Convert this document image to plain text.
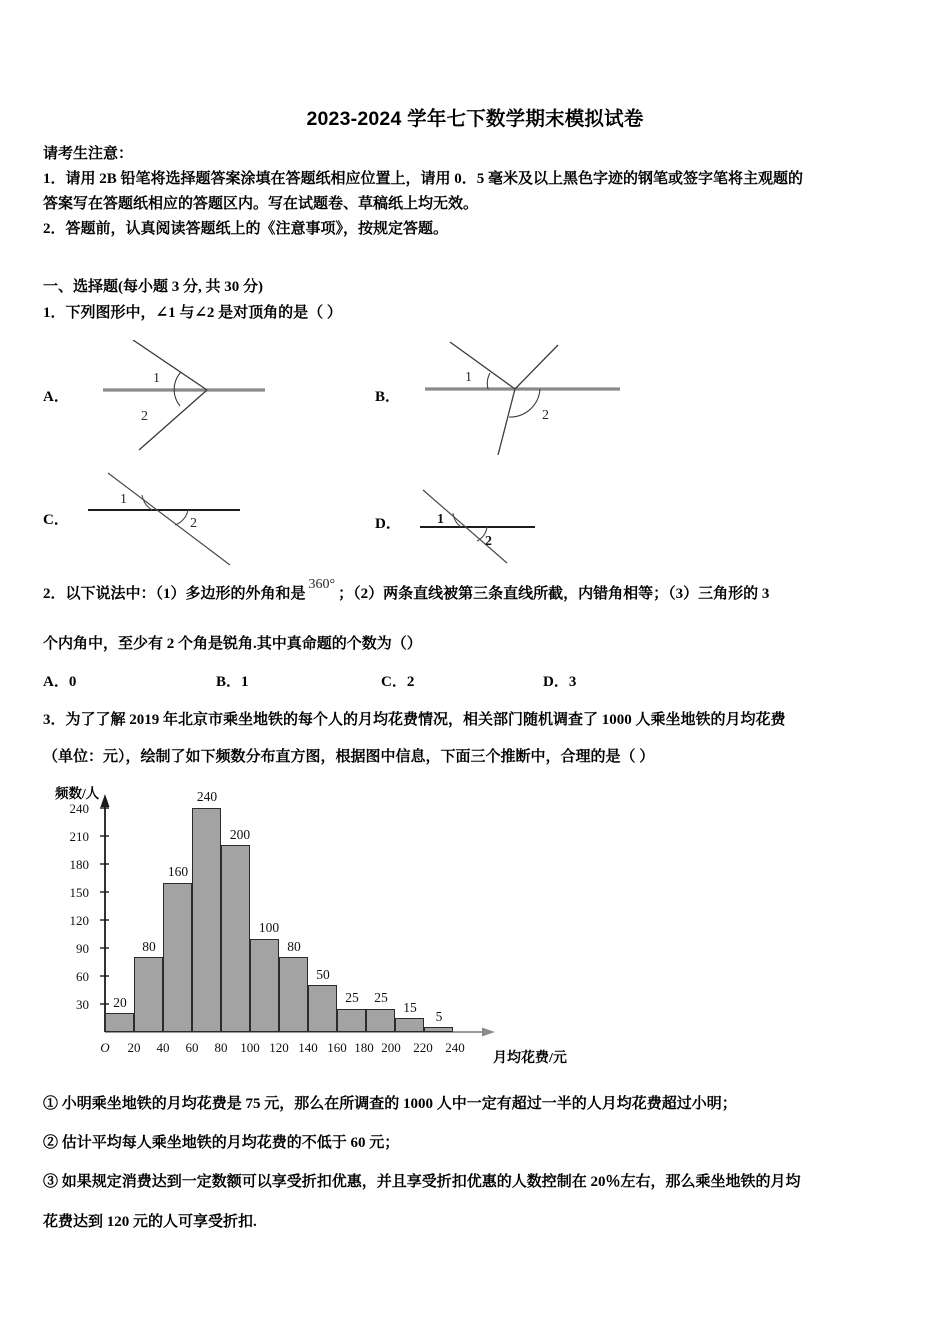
2023-2024 学年七下数学期末模拟试卷

请考生注意：

1．请用 2B 铅笔将选择题答案涂填在答题纸相应位置上，请用 0．5 毫米及以上黑色字迹的钢笔或签字笔将主观题的

答案写在答题纸相应的答题区内。写在试题卷、草稿纸上均无效。

2．答题前，认真阅读答题纸上的《注意事项》，按规定答题。

一、选择题(每小题 3 分, 共 30 分)
1．下列图形中，∠1 与∠2 是对顶角的是（ ）
A．
1
2
B．
1
2
C．
1
2	D．	1
2
2．以下说法中：（1）多边形的外角和是360°；（2）两条直线被第三条直线所截，内错角相等；（3）三角形的 3
个内角中，至少有 2 个角是锐角.其中真命题的个数为（）
A．0	B．1	C．2	D．3
3．为了了解 2019 年北京市乘坐地铁的每个人的月均花费情况，相关部门随机调查了 1000 人乘坐地铁的月均花费
（单位：元），绘制了如下频数分布直方图，根据图中信息，下面三个推断中，合理的是（ ）
频数/人
月均花费/元
30
60
90
120
150
180
210
240
20
80
160
240
200
100
80
50
25	25
15
5
O	20	40	60	80 100 120 140 160 180 200 220 240
① 小明乘坐地铁的月均花费是 75 元，那么在所调查的 1000 人中一定有超过一半的人月均花费超过小明；
② 估计平均每人乘坐地铁的月均花费的不低于 60 元；
③ 如果规定消费达到一定数额可以享受折扣优惠，并且享受折扣优惠的人数控制在 20％左右，那么乘坐地铁的月均
花费达到 120 元的人可享受折扣.
